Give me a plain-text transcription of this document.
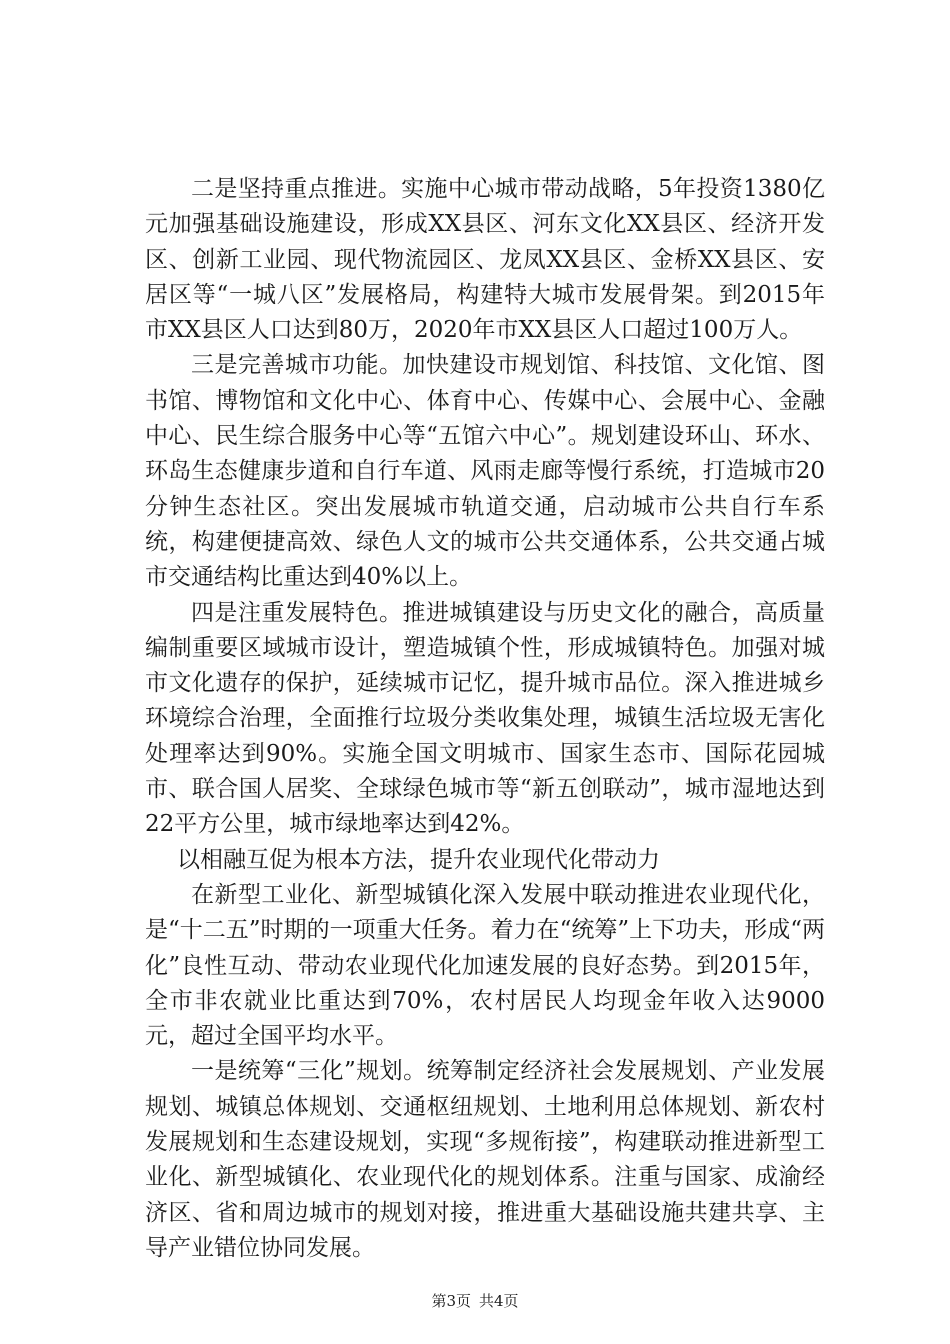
二是坚持重点推进。实施中心城市带动战略，5年投资1380亿元加强基础设施建设，形成XX县区、河东文化XX县区、经济开发区、创新工业园、现代物流园区、龙凤XX县区、金桥XX县区、安居区等“一城八区”发展格局，构建特大城市发展骨架。到2015年市XX县区人口达到80万，2020年市XX县区人口超过100万人。

三是完善城市功能。加快建设市规划馆、科技馆、文化馆、图书馆、博物馆和文化中心、体育中心、传媒中心、会展中心、金融中心、民生综合服务中心等“五馆六中心”。规划建设环山、环水、环岛生态健康步道和自行车道、风雨走廊等慢行系统，打造城市20分钟生态社区。突出发展城市轨道交通，启动城市公共自行车系统，构建便捷高效、绿色人文的城市公共交通体系，公共交通占城市交通结构比重达到40%以上。

四是注重发展特色。推进城镇建设与历史文化的融合，高质量编制重要区域城市设计，塑造城镇个性，形成城镇特色。加强对城市文化遗存的保护，延续城市记忆，提升城市品位。深入推进城乡环境综合治理，全面推行垃圾分类收集处理，城镇生活垃圾无害化处理率达到90%。实施全国文明城市、国家生态市、国际花园城市、联合国人居奖、全球绿色城市等“新五创联动”，城市湿地达到22平方公里，城市绿地率达到42%。

以相融互促为根本方法，提升农业现代化带动力

在新型工业化、新型城镇化深入发展中联动推进农业现代化，是“十二五”时期的一项重大任务。着力在“统筹”上下功夫，形成“两化”良性互动、带动农业现代化加速发展的良好态势。到2015年，全市非农就业比重达到70%，农村居民人均现金年收入达9000元，超过全国平均水平。

一是统筹“三化”规划。统筹制定经济社会发展规划、产业发展规划、城镇总体规划、交通枢纽规划、土地利用总体规划、新农村发展规划和生态建设规划，实现“多规衔接”，构建联动推进新型工业化、新型城镇化、农业现代化的规划体系。注重与国家、成渝经济区、省和周边城市的规划对接，推进重大基础设施共建共享、主导产业错位协同发展。

第3页 共4页
